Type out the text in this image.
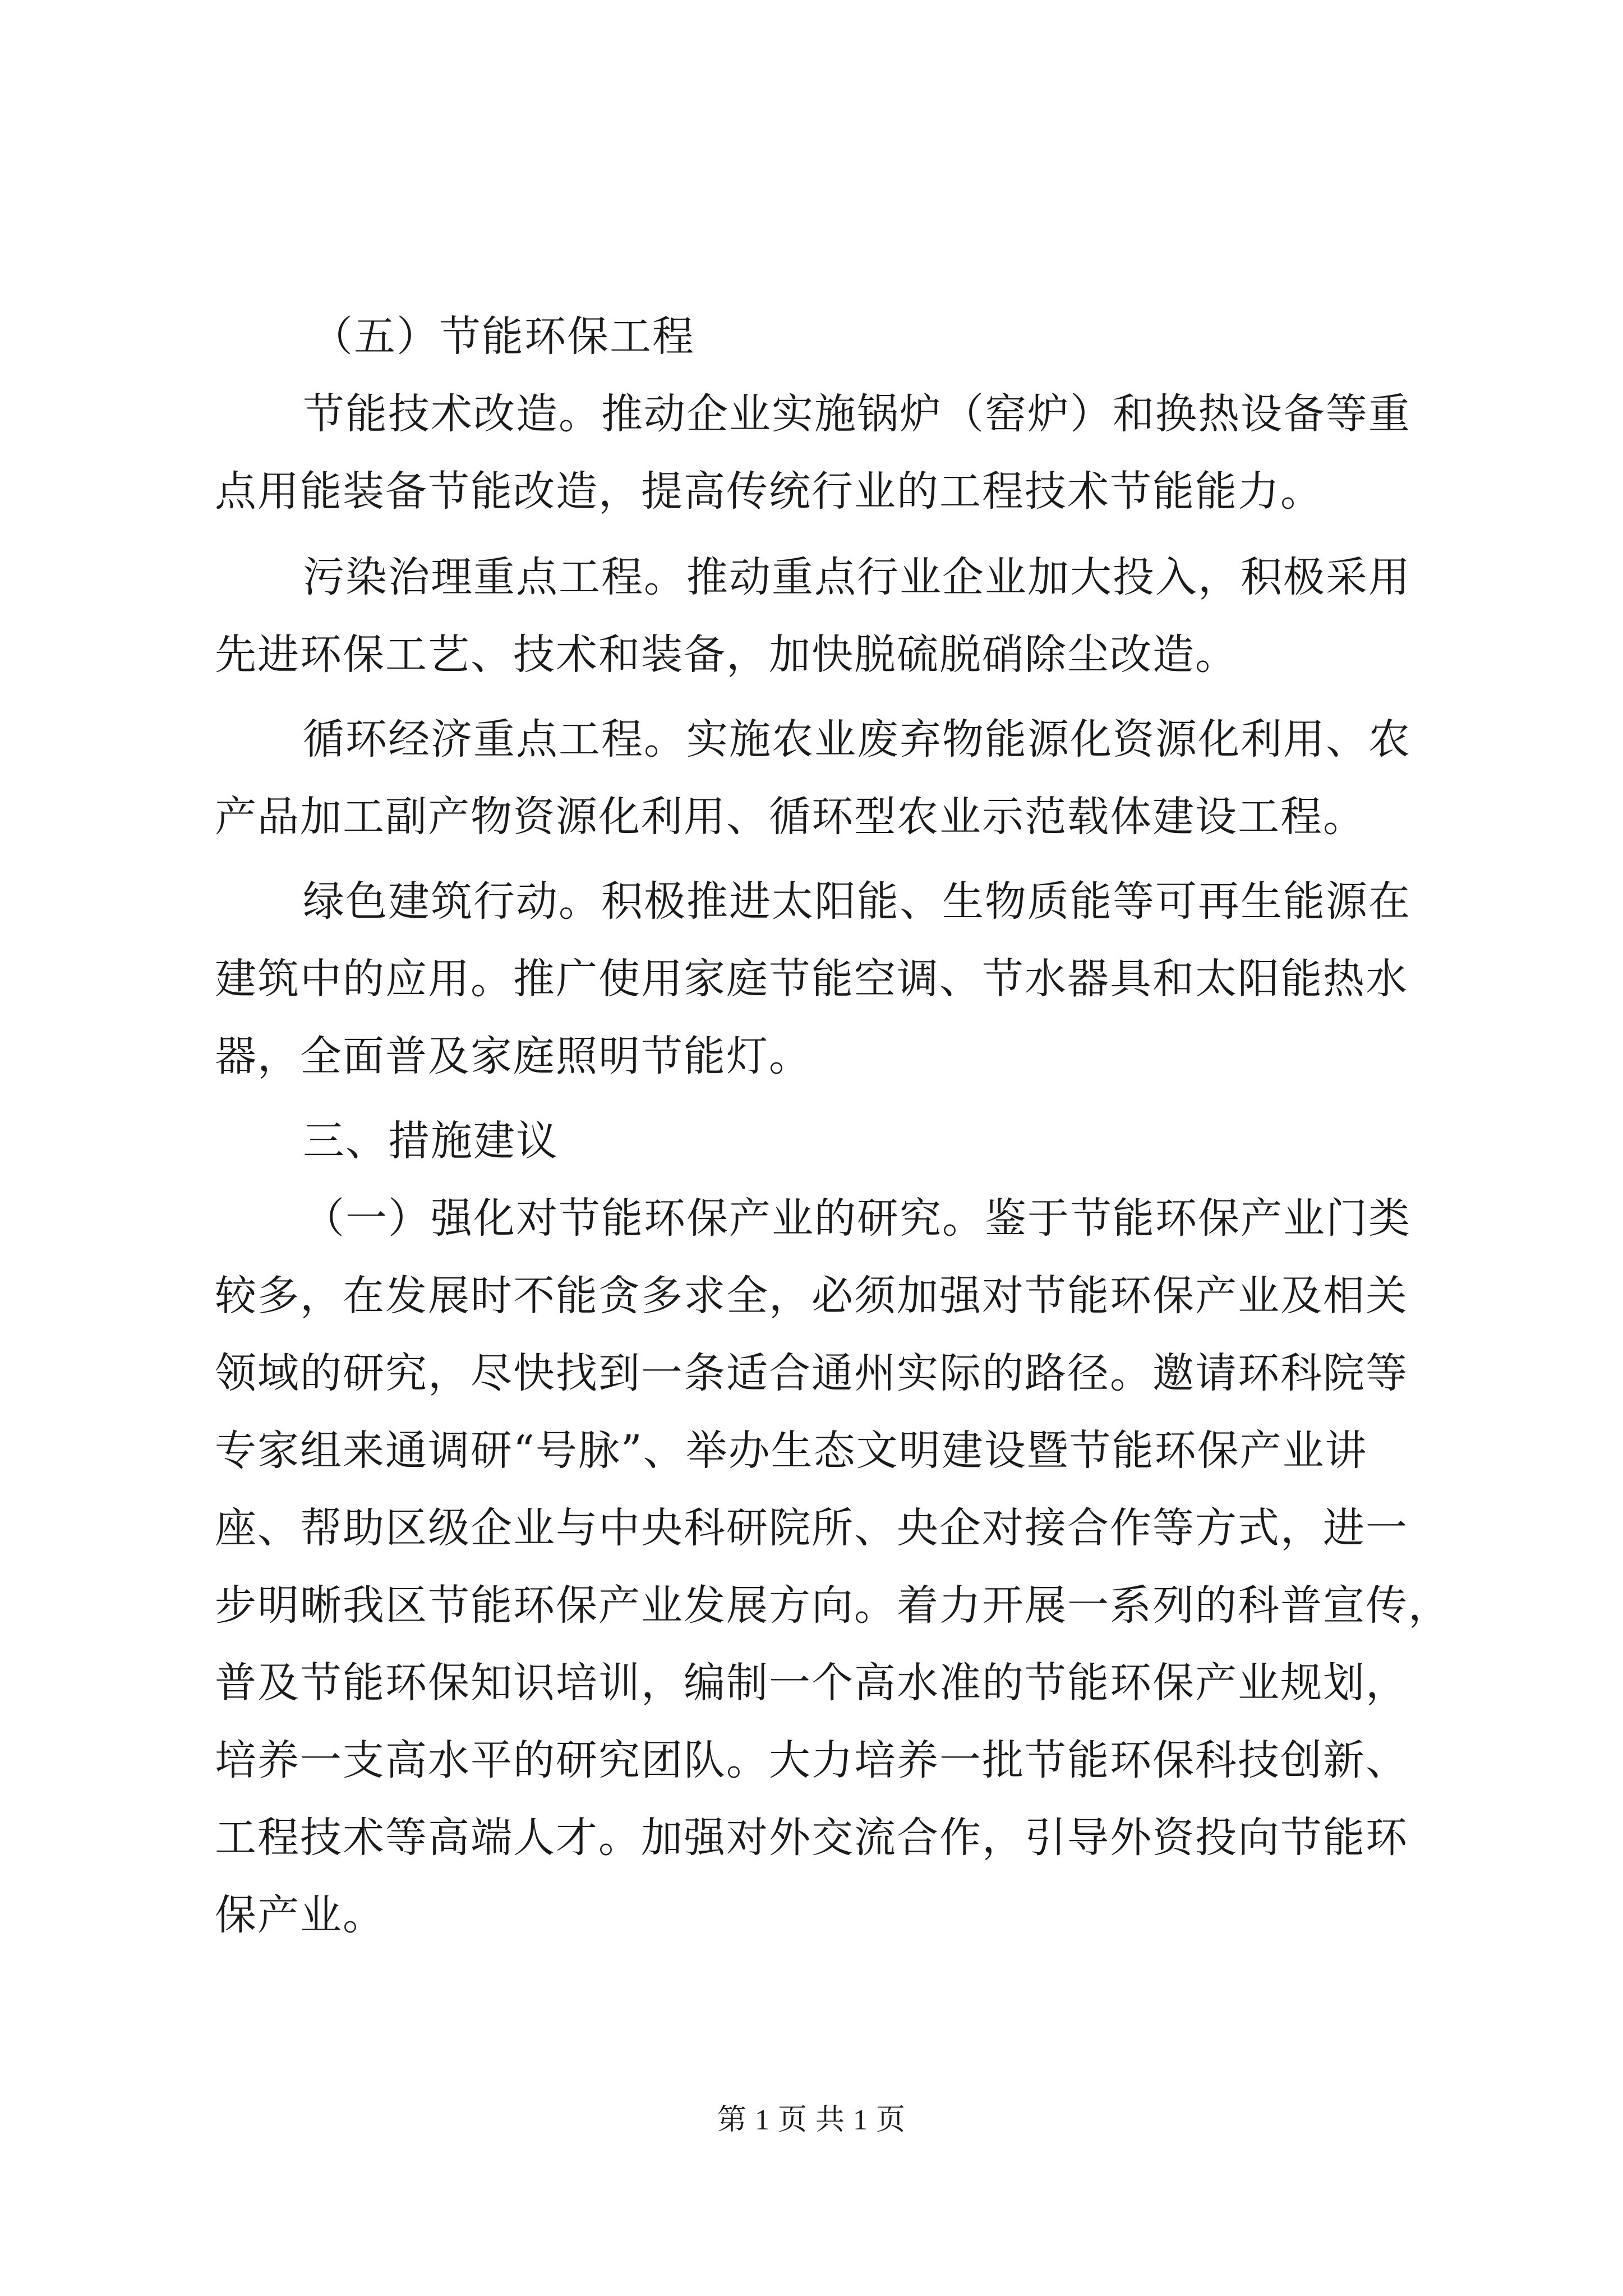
（五）节能环保工程
节能技术改造。推动企业实施锅炉（窑炉）和换热设备等重
点用能装备节能改造，提高传统行业的工程技术节能能力。
污染治理重点工程。推动重点行业企业加大投入，积极采用
先进环保工艺、技术和装备，加快脱硫脱硝除尘改造。
循环经济重点工程。实施农业废弃物能源化资源化利用、农
产品加工副产物资源化利用、循环型农业示范载体建设工程。
绿色建筑行动。积极推进太阳能、生物质能等可再生能源在
建筑中的应用。推广使用家庭节能空调、节水器具和太阳能热水
器，全面普及家庭照明节能灯。
三、措施建议
（一）强化对节能环保产业的研究。鉴于节能环保产业门类
较多，在发展时不能贪多求全，必须加强对节能环保产业及相关
领域的研究，尽快找到一条适合通州实际的路径。邀请环科院等
专家组来通调研“号脉”、举办生态文明建设暨节能环保产业讲
座、帮助区级企业与中央科研院所、央企对接合作等方式，进一
步明晰我区节能环保产业发展方向。着力开展一系列的科普宣传，
普及节能环保知识培训，编制一个高水准的节能环保产业规划，
培养一支高水平的研究团队。大力培养一批节能环保科技创新、
工程技术等高端人才。加强对外交流合作，引导外资投向节能环
保产业。
第 1 页 共 1 页
